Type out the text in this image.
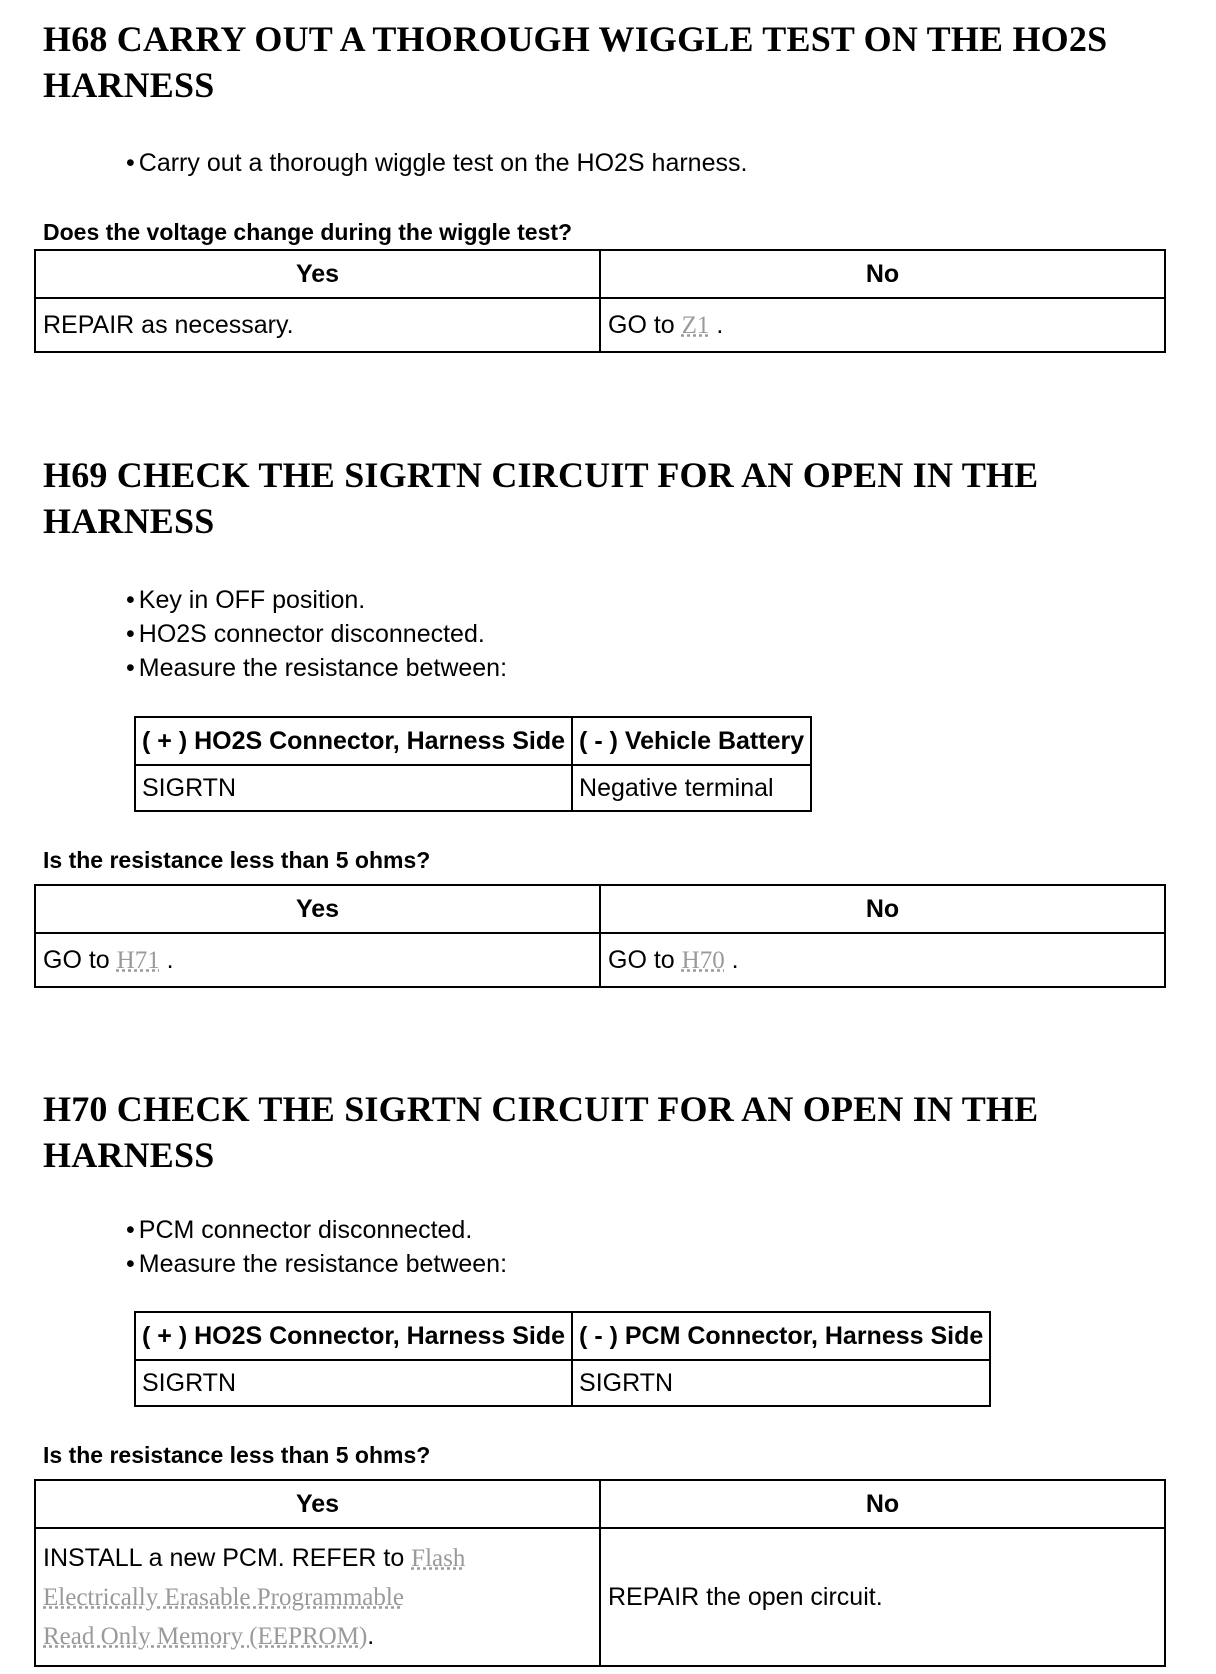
H68 CARRY OUT A THOROUGH WIGGLE TEST ON THE HO2S
HARNESS
• Carry out a thorough wiggle test on the HO2S harness.

Does the voltage change during the wiggle test?

Yes	No
REPAIR as necessary.	GO to Z1 .
H69 CHECK THE SIGRTN CIRCUIT FOR AN OPEN IN THE
HARNESS
• Key in OFF position.
• HO2S connector disconnected.
• Measure the resistance between:
( + ) HO2S Connector, Harness Side	( - ) Vehicle Battery
SIGRTN	Negative terminal

Is the resistance less than 5 ohms?

Yes	No
GO to H71 .	GO to H70 .
H70 CHECK THE SIGRTN CIRCUIT FOR AN OPEN IN THE
HARNESS
• PCM connector disconnected.
• Measure the resistance between:
( + ) HO2S Connector, Harness Side	( - ) PCM Connector, Harness Side
SIGRTN	SIGRTN

Is the resistance less than 5 ohms?

Yes	No
INSTALL a new PCM. REFER to Flash
Electrically Erasable Programmable
Read Only Memory (EEPROM).	REPAIR the open circuit.
